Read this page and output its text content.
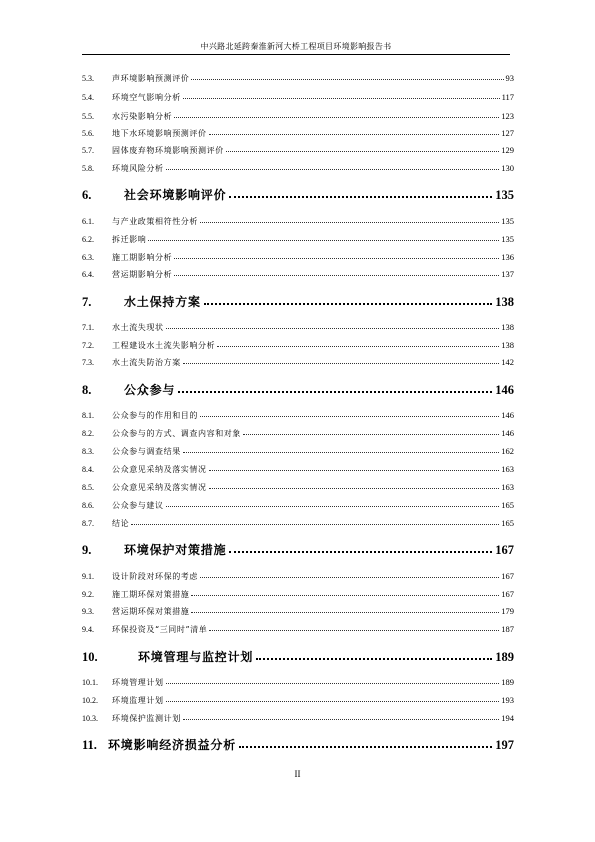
中兴路北延跨秦淮新河大桥工程项目环境影响报告书
5.3.	声环境影响预测评价	93
5.4.	环境空气影响分析	117
5.5.	水污染影响分析	123
5.6.	地下水环境影响预测评价	127
5.7.	固体废弃物环境影响预测评价	129
5.8.	环境风险分析	130
6.	社会环境影响评价	135
6.1.	与产业政策相符性分析	135
6.2.	拆迁影响	135
6.3.	施工期影响分析	136
6.4.	营运期影响分析	137
7.	水土保持方案	138
7.1.	水土流失现状	138
7.2.	工程建设水土流失影响分析	138
7.3.	水土流失防治方案	142
8.	公众参与	146
8.1.	公众参与的作用和目的	146
8.2.	公众参与的方式、调查内容和对象	146
8.3.	公众参与调查结果	162
8.4.	公众意见采纳及落实情况	163
8.5.	公众意见采纳及落实情况	163
8.6.	公众参与建议	165
8.7.	结论	165
9.	环境保护对策措施	167
9.1.	设计阶段对环保的考虑	167
9.2.	施工期环保对策措施	167
9.3.	营运期环保对策措施	179
9.4.	环保投资及“三同时”清单	187
10.	环境管理与监控计划	189
10.1.	环境管理计划	189
10.2.	环境监理计划	193
10.3.	环境保护监测计划	194
11. 环境影响经济损益分析	197
II
